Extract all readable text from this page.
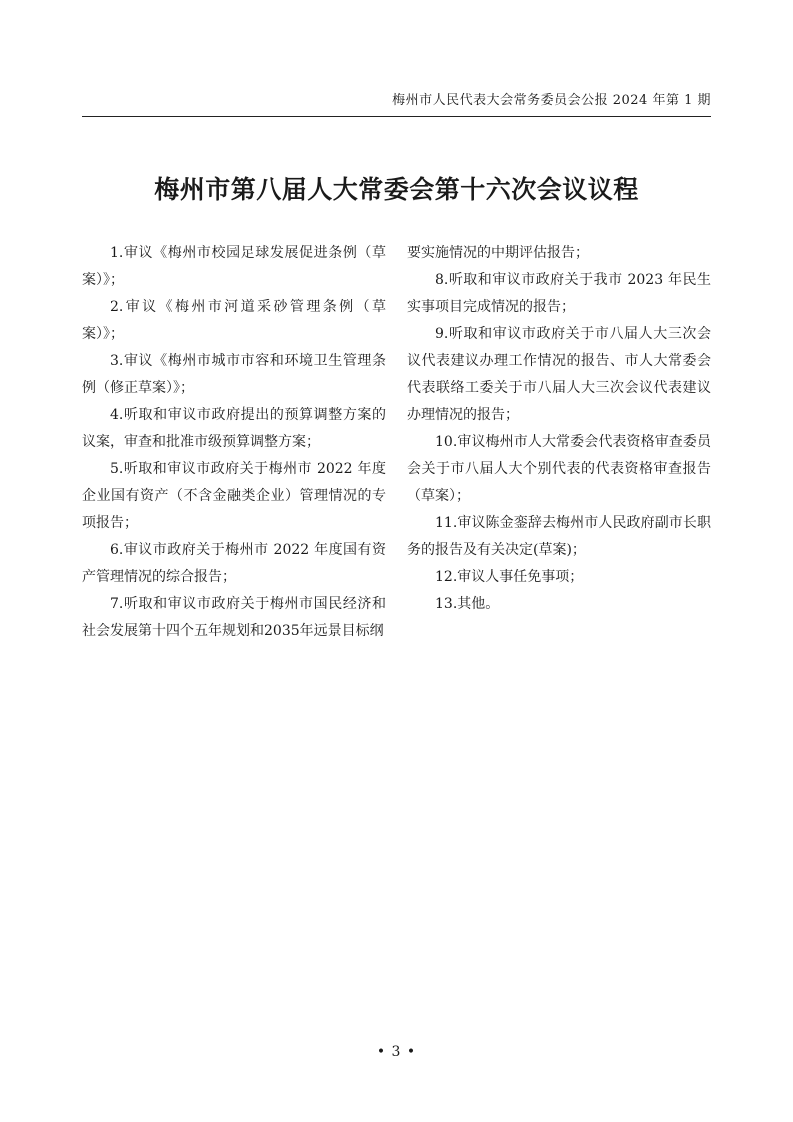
梅州市人民代表大会常务委员会公报 2024 年第 1 期
梅州市第八届人大常委会第十六次会议议程

1.审议《梅州市校园足球发展促进条例（草案）》；

2.审议《梅州市河道采砂管理条例（草案）》；

3.审议《梅州市城市市容和环境卫生管理条例（修正草案）》；

4.听取和审议市政府提出的预算调整方案的议案，审查和批准市级预算调整方案；

5.听取和审议市政府关于梅州市 2022 年度企业国有资产（不含金融类企业）管理情况的专项报告；

6.审议市政府关于梅州市 2022 年度国有资产管理情况的综合报告；

7.听取和审议市政府关于梅州市国民经济和社会发展第十四个五年规划和2035年远景目标纲

要实施情况的中期评估报告；

8.听取和审议市政府关于我市 2023 年民生实事项目完成情况的报告；

9.听取和审议市政府关于市八届人大三次会议代表建议办理工作情况的报告、市人大常委会代表联络工委关于市八届人大三次会议代表建议办理情况的报告；

10.审议梅州市人大常委会代表资格审查委员会关于市八届人大个别代表的代表资格审查报告（草案）；

11.审议陈金銮辞去梅州市人民政府副市长职务的报告及有关决定(草案)；

12.审议人事任免事项；

13.其他。

• 3 •
